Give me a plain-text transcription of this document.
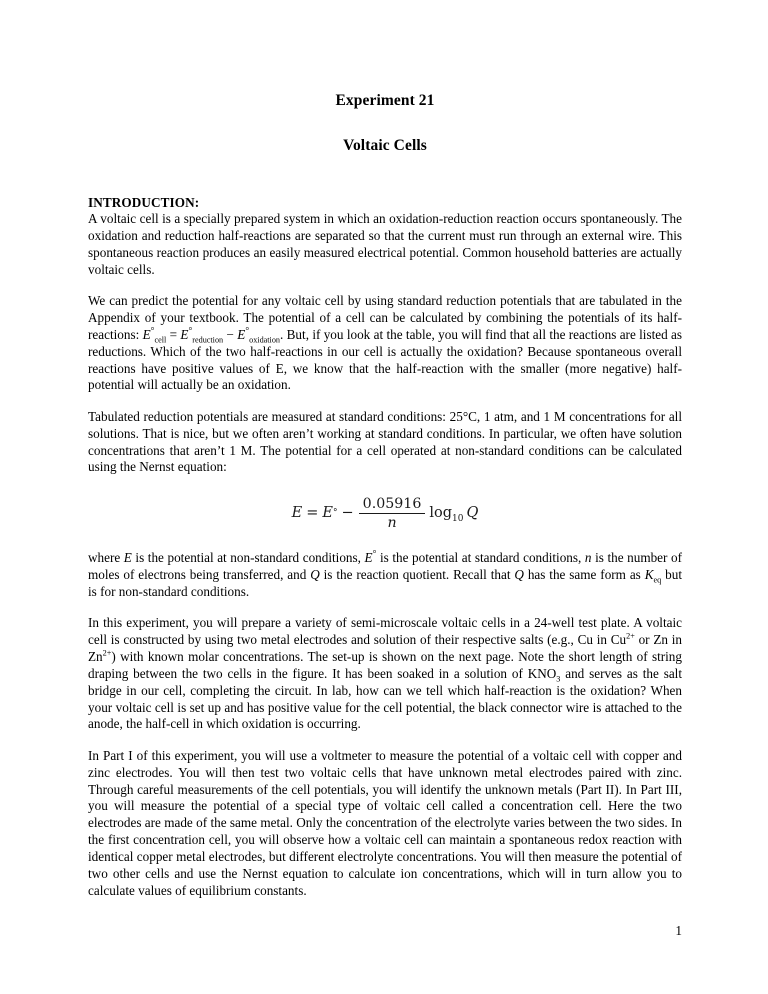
Experiment 21
Voltaic Cells
INTRODUCTION:

A voltaic cell is a specially prepared system in which an oxidation-reduction reaction occurs spontaneously. The oxidation and reduction half-reactions are separated so that the current must run through an external wire. This spontaneous reaction produces an easily measured electrical potential. Common household batteries are actually voltaic cells.

We can predict the potential for any voltaic cell by using standard reduction potentials that are tabulated in the Appendix of your textbook. The potential of a cell can be calculated by combining the potentials of its half-reactions: $E^\circ_{cell} = E^\circ_{reduction} - E^\circ_{oxidation}$. But, if you look at the table, you will find that all the reactions are listed as reductions. Which of the two half-reactions in our cell is actually the oxidation? Because spontaneous overall reactions have positive values of E, we know that the half-reaction with the smaller (more negative) half-potential will actually be an oxidation.

Tabulated reduction potentials are measured at standard conditions: 25°C, 1 atm, and 1 M concentrations for all solutions. That is nice, but we often aren’t working at standard conditions. In particular, we often have solution concentrations that aren’t 1 M. The potential for a cell operated at non-standard conditions can be calculated using the Nernst equation:

E = E ° − $\frac{0.05916}{n} \log_{10} Q$

where E is the potential at non-standard conditions, E° is the potential at standard conditions, n is the number of moles of electrons being transferred, and Q is the reaction quotient. Recall that Q has the same form as $K_{eq}$ but is for non-standard conditions.

In this experiment, you will prepare a variety of semi-microscale voltaic cells in a 24-well test plate. A voltaic cell is constructed by using two metal electrodes and solution of their respective salts (e.g., Cu in $Cu^{2+}$ or Zn in $Zn^{2+}$) with known molar concentrations. The set-up is shown on the next page. Note the short length of string draping between the two cells in the figure. It has been soaked in a solution of $KNO_3$ and serves as the salt bridge in our cell, completing the circuit. In lab, how can we tell which half-reaction is the oxidation? When your voltaic cell is set up and has positive value for the cell potential, the black connector wire is attached to the anode, the half-cell in which oxidation is occurring.

In Part I of this experiment, you will use a voltmeter to measure the potential of a voltaic cell with copper and zinc electrodes. You will then test two voltaic cells that have unknown metal electrodes paired with zinc. Through careful measurements of the cell potentials, you will identify the unknown metals (Part II). In Part III, you will measure the potential of a special type of voltaic cell called a concentration cell. Here the two electrodes are made of the same metal. Only the concentration of the electrolyte varies between the two sides. In the first concentration cell, you will observe how a voltaic cell can maintain a spontaneous redox reaction with identical copper metal electrodes, but different electrolyte concentrations. You will then measure the potential of two other cells and use the Nernst equation to calculate ion concentrations, which will in turn allow you to calculate values of equilibrium constants.

1
